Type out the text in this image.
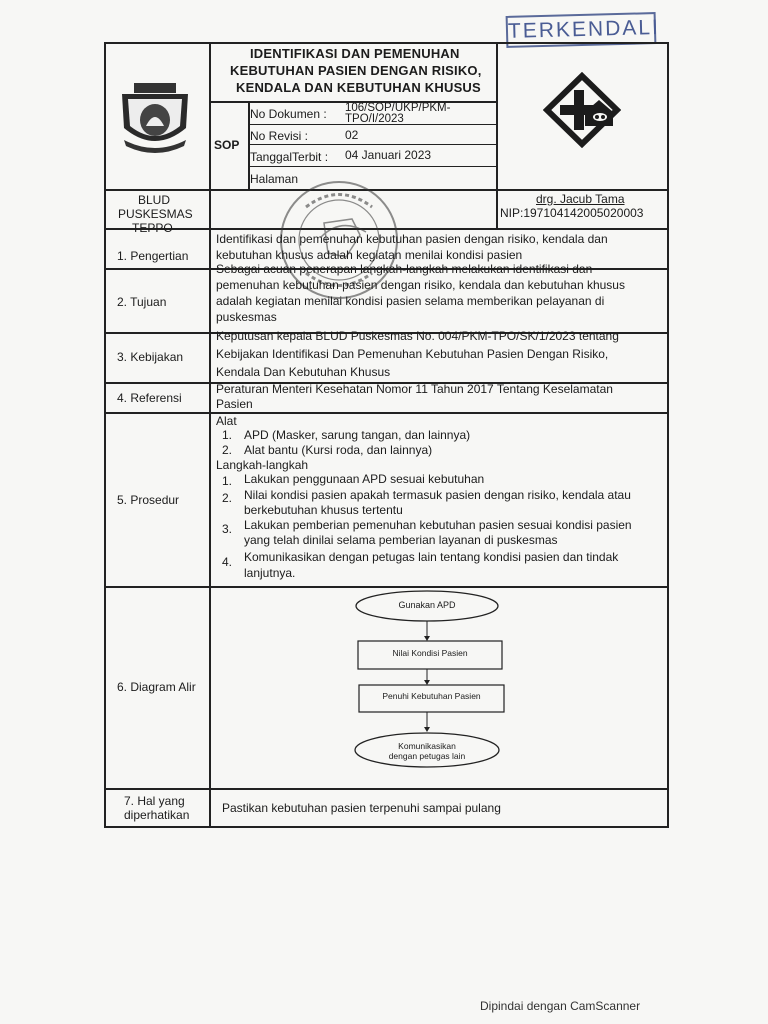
TERKENDALI
IDENTIFIKASI DAN PEMENUHAN
KEBUTUHAN PASIEN DENGAN RISIKO,
KENDALA DAN KEBUTUHAN KHUSUS
SOP
No Dokumen : 106/SOP/UKP/PKM-
TPO/I/2023
No Revisi :	02
TanggalTerbit : 04 Januari 2023
Halaman
BLUD
PUSKESMAS
TEPPO
drg. Jacub Tama
NIP:197104142005020003
1. Pengertian
2. Tujuan
3. Kebijakan
4. Referensi
5. Prosedur
6. Diagram Alir
7. Hal yang
diperhatikan
Identifikasi dan pemenuhan kebutuhan pasien dengan risiko, kendala dan
kebutuhan khusus adalah kegiatan menilai kondisi pasien
Sebagai acuan penerapan langkah-langkah melakukan identifikasi dan
pemenuhan kebutuhan pasien dengan risiko, kendala dan kebutuhan khusus
adalah kegiatan menilai kondisi pasien selama memberikan pelayanan di
puskesmas
Keputusan kepala BLUD Puskesmas No. 004/PKM-TPO/SK/1/2023 tentang
Kebijakan Identifikasi Dan Pemenuhan Kebutuhan Pasien Dengan Risiko,
Kendala Dan Kebutuhan Khusus
Peraturan Menteri Kesehatan Nomor 11 Tahun 2017 Tentang Keselamatan
Pasien
Alat
1. APD (Masker, sarung tangan, dan lainnya)
2. Alat bantu (Kursi roda, dan lainnya)
Langkah-langkah
1. Lakukan penggunaan APD sesuai kebutuhan
2. Nilai kondisi pasien apakah termasuk pasien dengan risiko, kendala atau
berkebutuhan khusus tertentu
3. Lakukan pemberian pemenuhan kebutuhan pasien sesuai kondisi pasien
yang telah dinilai selama pemberian layanan di puskesmas
4. Komunikasikan dengan petugas lain tentang kondisi pasien dan tindak
lanjutnya.
Gunakan APD
Nilai Kondisi Pasien
Penuhi Kebutuhan Pasien
Komunikasikan
dengan petugas lain
Pastikan kebutuhan pasien terpenuhi sampai pulang
Dipindai dengan CamScanner
